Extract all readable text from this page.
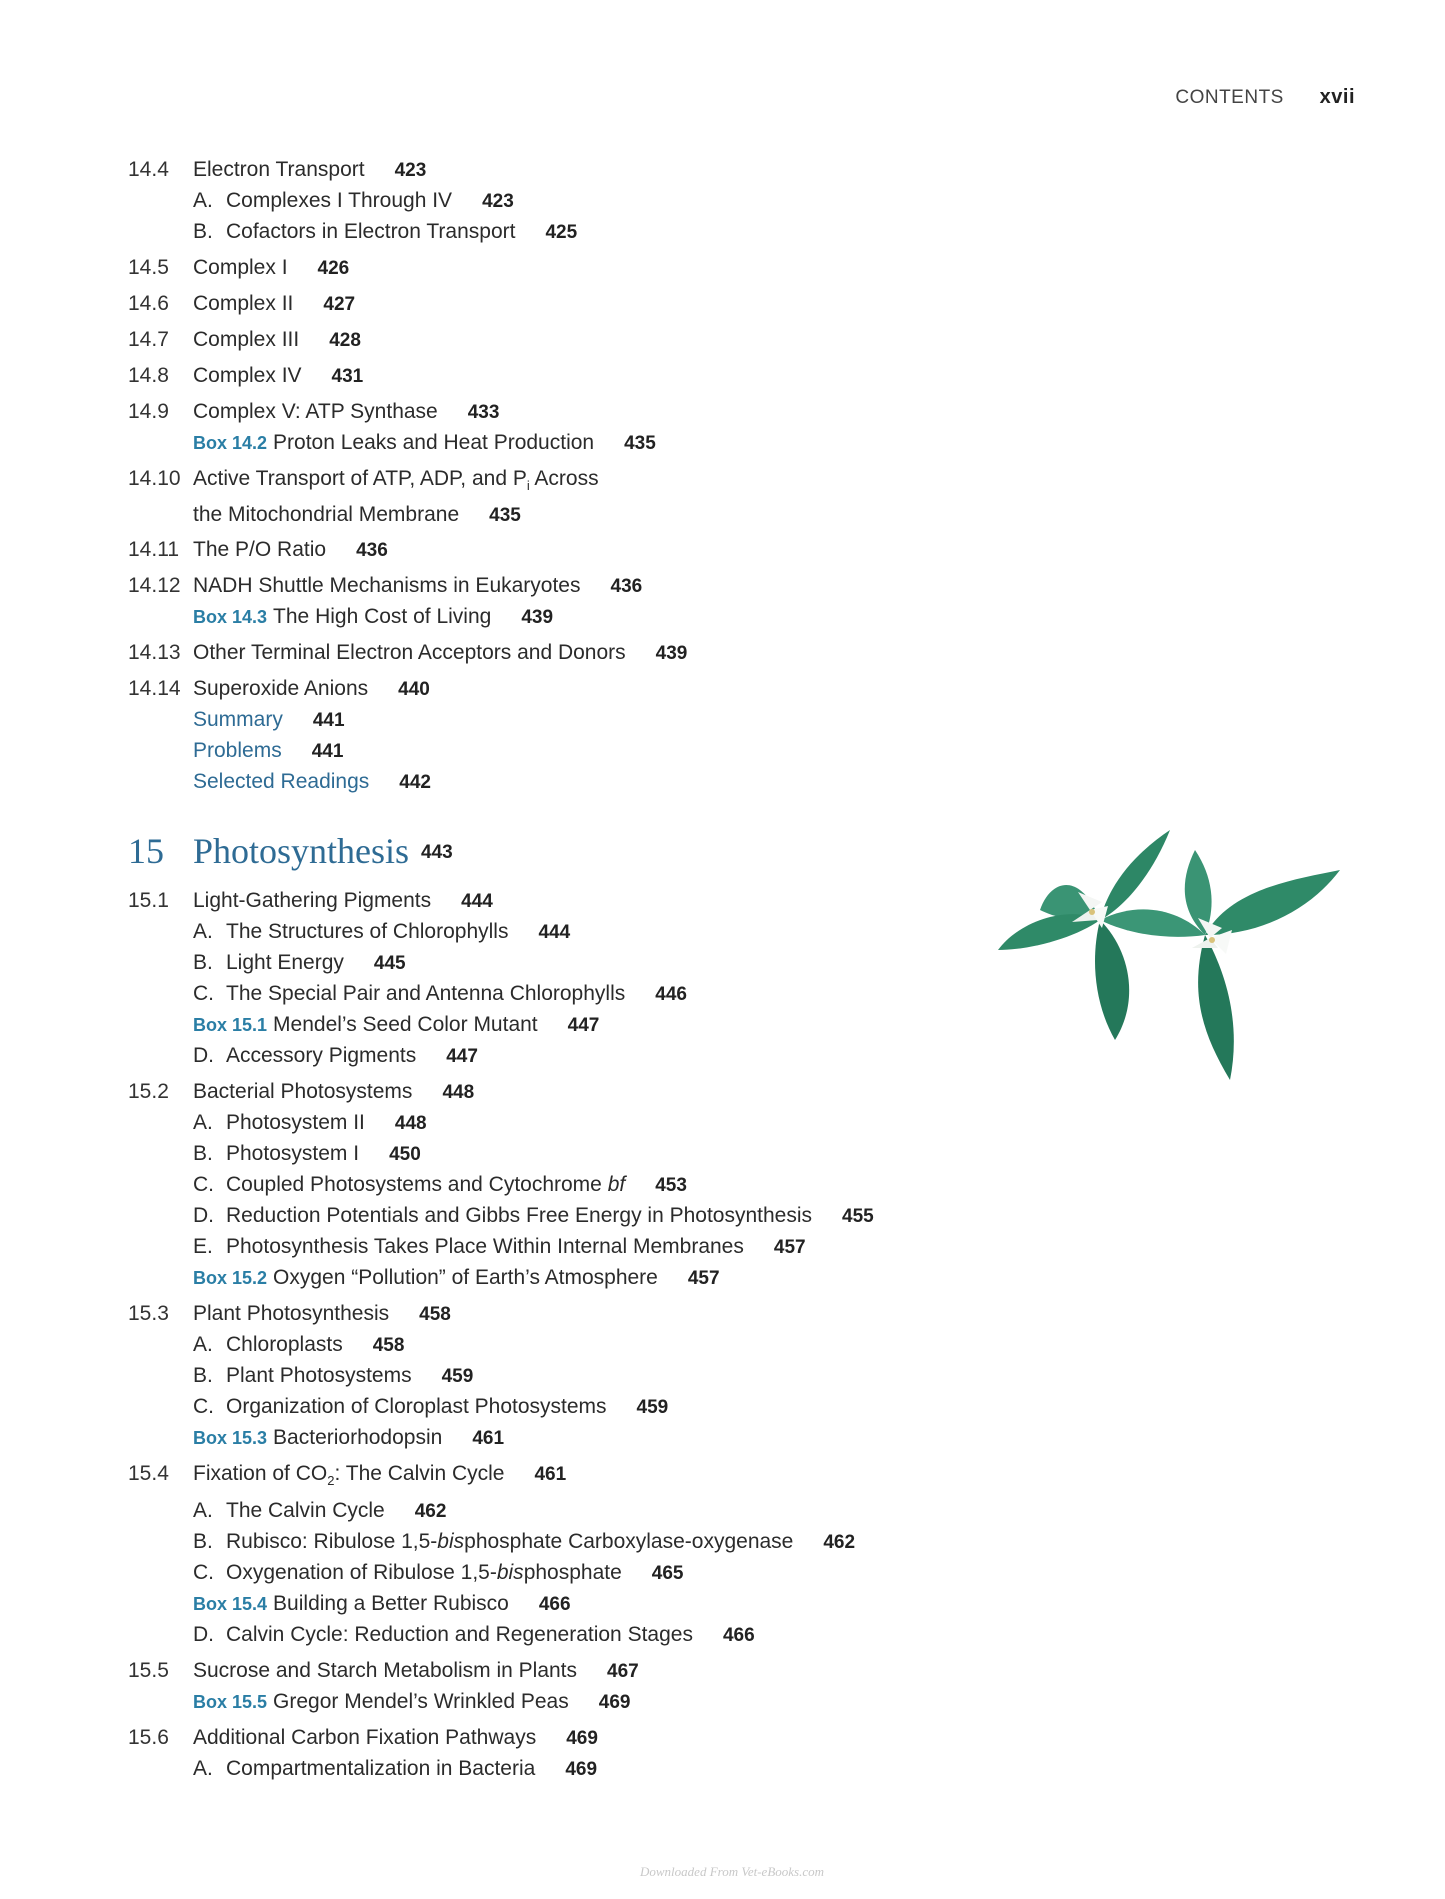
CONTENTS xvii
14.4	Electron Transport 423
A. Complexes I Through IV 423
B. Cofactors in Electron Transport 425
14.5	Complex I 426
14.6	Complex II 427
14.7	Complex III 428
14.8	Complex IV 431
14.9	Complex V: ATP Synthase 433
Box 14.2 Proton Leaks and Heat Production 435
14.10 Active Transport of ATP, ADP, and $P_i$ Across
the Mitochondrial Membrane 435
14.11 The P/O Ratio 436
14.12 NADH Shuttle Mechanisms in Eukaryotes 436
Box 14.3 The High Cost of Living 439
14.13 Other Terminal Electron Acceptors and Donors 439
14.14 Superoxide Anions 440
Summary 441
Problems 441
Selected Readings 442
15 Photosynthesis 443
15.1	Light-Gathering Pigments 444
A. The Structures of Chlorophylls 444
B. Light Energy 445
C. The Special Pair and Antenna Chlorophylls 446
Box 15.1 Mendel’s Seed Color Mutant 447
D. Accessory Pigments 447
15.2	Bacterial Photosystems 448
A. Photosystem II 448
B. Photosystem I 450
C. Coupled Photosystems and Cytochrome bf 453
D. Reduction Potentials and Gibbs Free Energy in Photosynthesis 455
E. Photosynthesis Takes Place Within Internal Membranes 457
Box 15.2 Oxygen “Pollution” of Earth’s Atmosphere 457
15.3	Plant Photosynthesis 458
A. Chloroplasts 458
B. Plant Photosystems 459
C. Organization of Cloroplast Photosystems 459
Box 15.3 Bacteriorhodopsin 461
15.4	Fixation of $CO_2$: The Calvin Cycle 461
A. The Calvin Cycle 462
B. Rubisco: Ribulose 1,5-bisphosphate Carboxylase-oxygenase 462
C. Oxygenation of Ribulose 1,5-bisphosphate 465
Box 15.4 Building a Better Rubisco 466
D. Calvin Cycle: Reduction and Regeneration Stages 466
15.5	Sucrose and Starch Metabolism in Plants 467
Box 15.5 Gregor Mendel’s Wrinkled Peas 469
15.6	Additional Carbon Fixation Pathways 469
A. Compartmentalization in Bacteria 469
Downloaded From Vet-eBooks.com
